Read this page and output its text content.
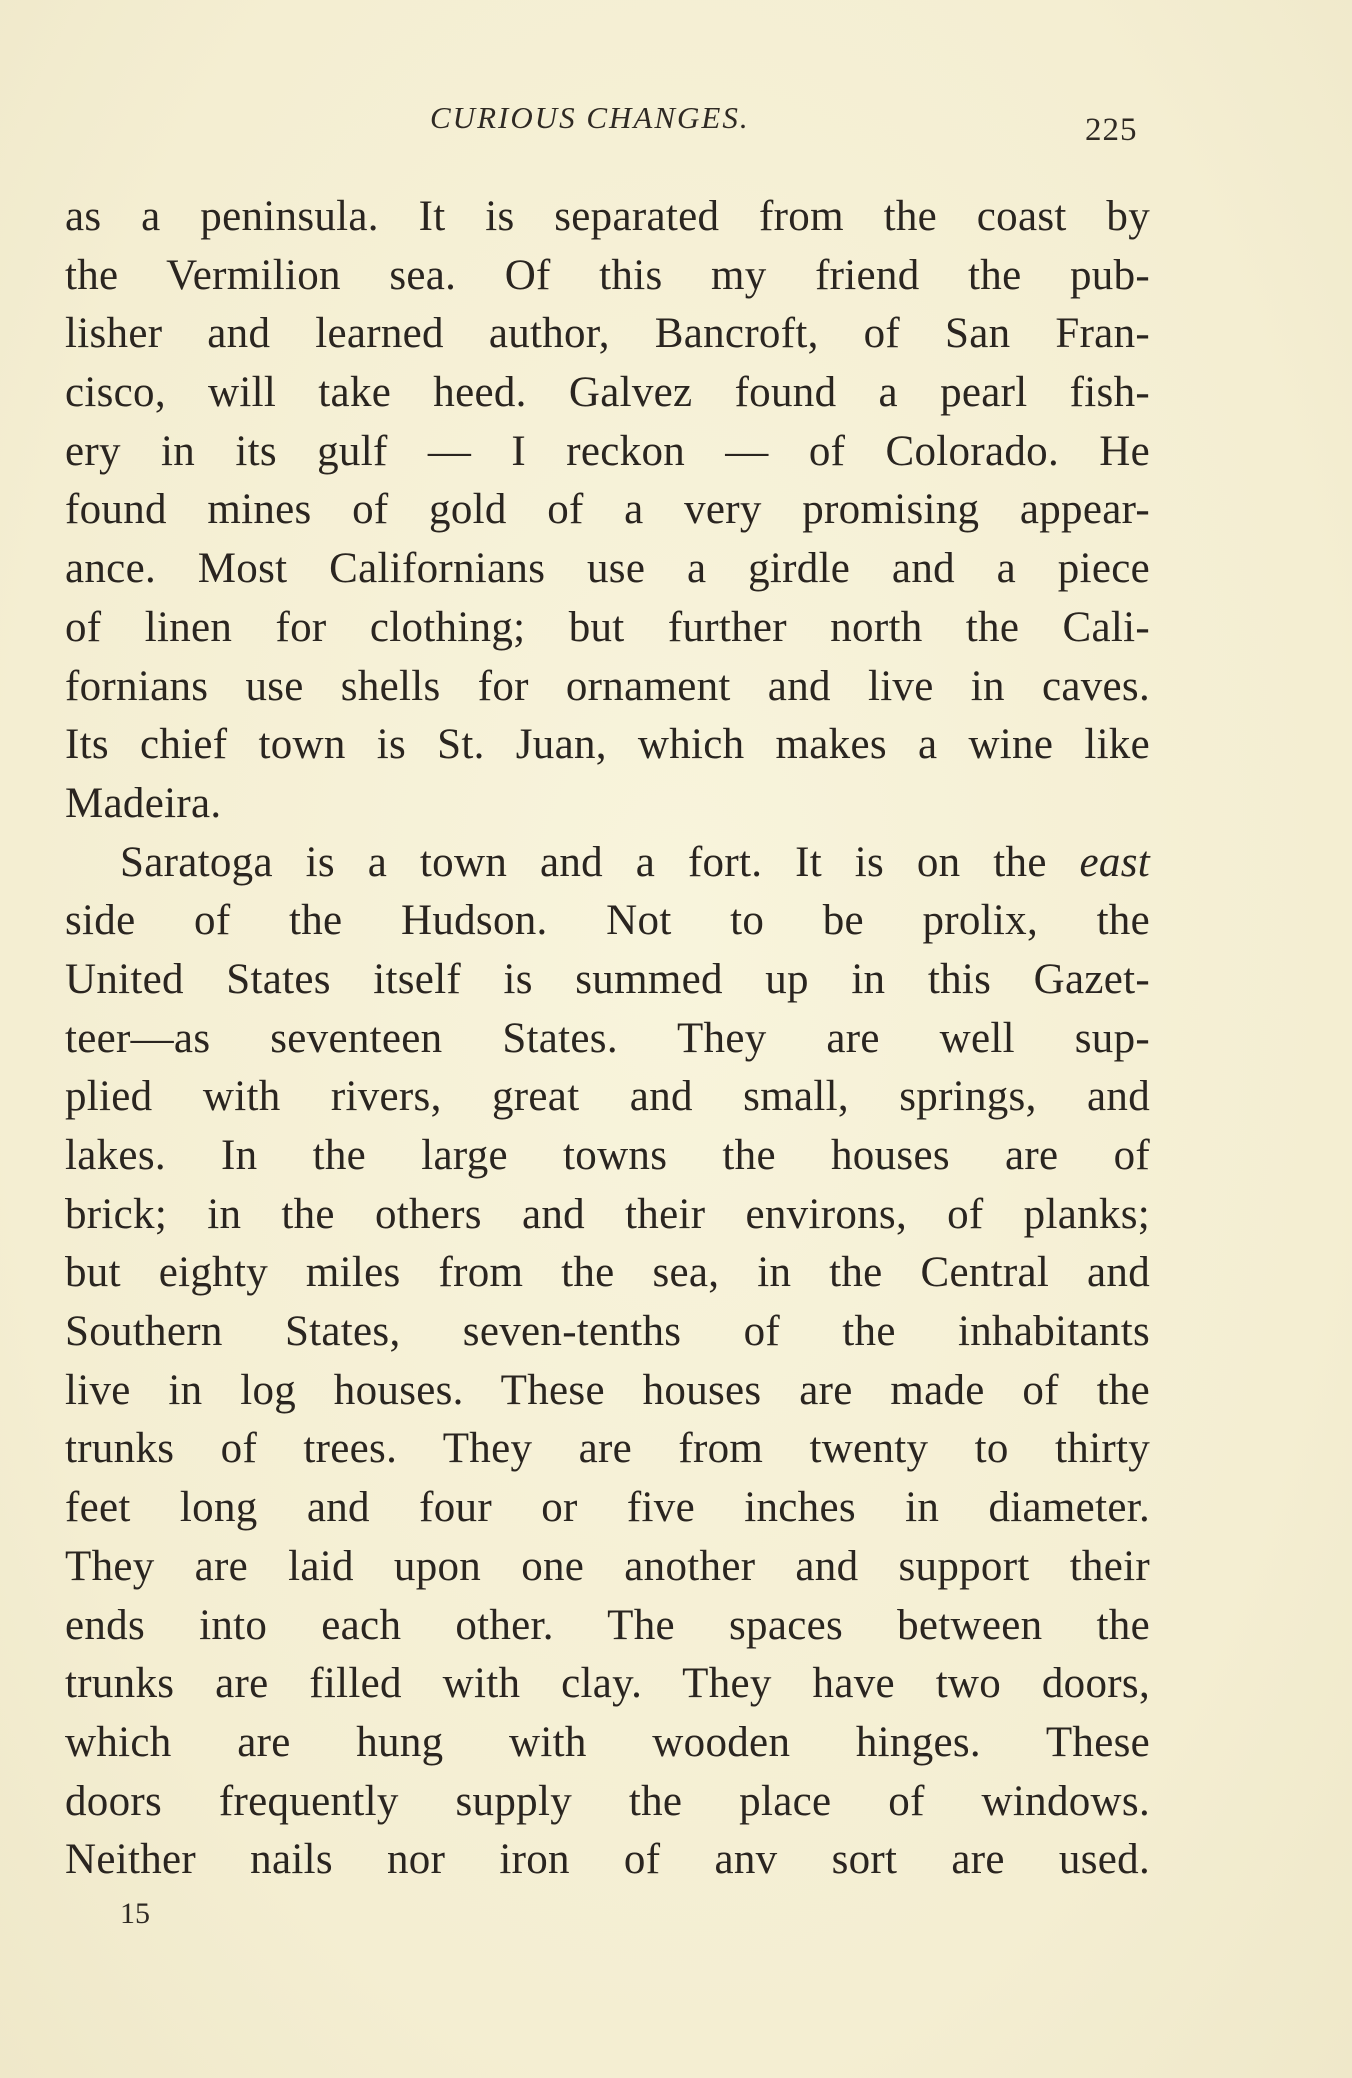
CURIOUS CHANGES.	225
as a peninsula. It is separated from the coast by
the Vermilion sea. Of this my friend the pub-
lisher and learned author, Bancroft, of San Fran-
cisco, will take heed. Galvez found a pearl fish-
ery in its gulf — I reckon — of Colorado. He
found mines of gold of a very promising appear-
ance. Most Californians use a girdle and a piece
of linen for clothing; but further north the Cali-
fornians use shells for ornament and live in caves.
Its chief town is St. Juan, which makes a wine like
Madeira.
Saratoga is a town and a fort. It is on the east
side of the Hudson. Not to be prolix, the
United States itself is summed up in this Gazet-
teer—as seventeen States. They are well sup-
plied with rivers, great and small, springs, and
lakes. In the large towns the houses are of
brick; in the others and their environs, of planks;
but eighty miles from the sea, in the Central and
Southern States, seven-tenths of the inhabitants
live in log houses. These houses are made of the
trunks of trees. They are from twenty to thirty
feet long and four or five inches in diameter.
They are laid upon one another and support their
ends into each other. The spaces between the
trunks are filled with clay. They have two doors,
which are hung with wooden hinges. These
doors frequently supply the place of windows.
Neither nails nor iron of anv sort are used.
15
